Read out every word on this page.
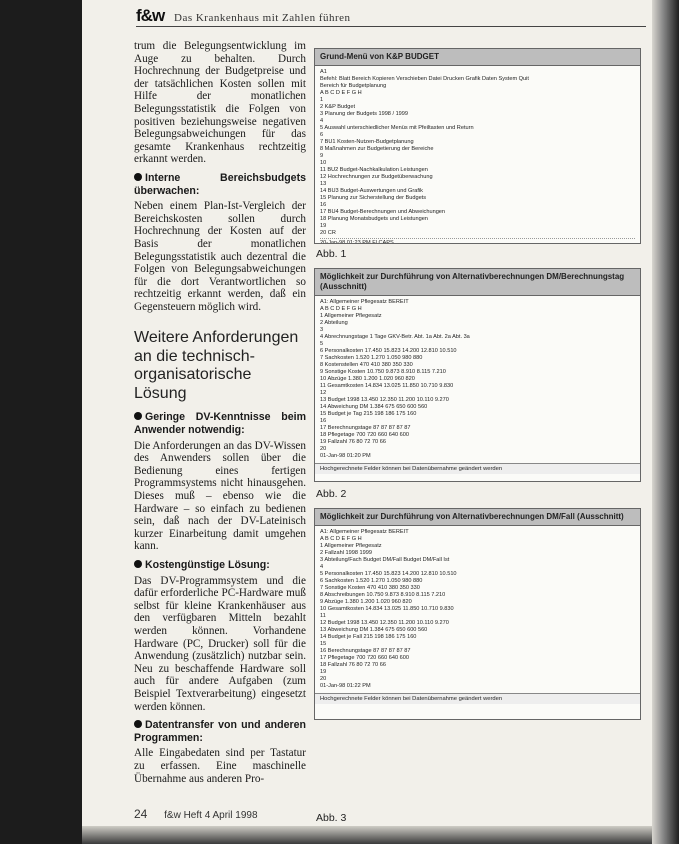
f&w Das Krankenhaus mit Zahlen führen

trum die Belegungsentwicklung im Auge zu behalten. Durch Hochrechnung der Budgetpreise und der tatsächlichen Kosten sollen mit Hilfe der monatlichen Belegungsstatistik die Folgen von positiven beziehungsweise negativen Belegungsabweichungen für das gesamte Krankenhaus rechtzeitig erkannt werden.

Interne Bereichsbudgets überwachen:

Neben einem Plan-Ist-Vergleich der Bereichskosten sollen durch Hochrechnung der Kosten auf der Basis der monatlichen Belegungsstatistik auch dezentral die Folgen von Belegungsabweichungen für die dort Verantwortlichen so rechtzeitig erkannt werden, daß ein Gegensteuern möglich wird.

Weitere Anforderungen an die technisch-organisatorische Lösung

Geringe DV-Kenntnisse beim Anwender notwendig:

Die Anforderungen an das DV-Wissen des Anwenders sollen über die Bedienung eines fertigen Programmsystems nicht hinausgehen. Dieses muß – ebenso wie die Hardware – so einfach zu bedienen sein, daß nach der DV-Lateinisch kurzer Einarbeitung damit umgehen kann.

Kostengünstige Lösung:

Das DV-Programmsystem und die dafür erforderliche PC-Hardware muß selbst für kleine Krankenhäuser aus den verfügbaren Mitteln bezahlt werden können. Vorhandene Hardware (PC, Drucker) soll für die Anwendung (zusätzlich) nutzbar sein. Neu zu beschaffende Hardware soll auch für andere Aufgaben (zum Beispiel Textverarbeitung) eingesetzt werden können.

Datentransfer von und anderen Programmen:

Alle Eingabedaten sind per Tastatur zu erfassen. Eine maschinelle Übernahme aus anderen Pro-

24 f&w Heft 4 April 1998
Grund-Menü von K&P BUDGET
A1
Befehl: Blatt Bereich Kopieren Verschieben Datei Drucken Grafik Daten System Quit
Bereich für Budgetplanung
A B C D E F G H
1
2 K&P Budget
3 Planung der Budgets 1998 / 1999
4
5 Auswahl unterschiedlicher Menüs mit Pfeiltasten und Return
6
7 BU1 Kosten-Nutzen-Budgetplanung
8 Maßnahmen zur Budgetierung der Bereiche
9
10
11 BU2 Budget-Nachkalkulation Leistungen
12 Hochrechnungen zur Budgetüberwachung
13
14 BU3 Budget-Auswertungen und Grafik
15 Planung zur Sicherstellung der Budgets
16
17 BU4 Budget-Berechnungen und Abweichungen
18 Planung Monatsbudgets und Leistungen
19
20 CR
20-Jan-98 01:23 PM Fl CAPS
Abb. 1
Möglichkeit zur Durchführung von Alternativberechnungen DM/Berechnungstag (Ausschnitt)
A1: Allgemeiner Pflegesatz BEREIT
A B C D E F G H
1 Allgemeiner Pflegesatz
2 Abteilung
3
4 Abrechnungstage 1 Tage GKV-Betr. Abt. 1a Abt. 2a Abt. 3a
5
6 Personalkosten 17.450 15.823 14.200 12.810 10.510
7 Sachkosten 1.520 1.270 1.050 980 880
8 Kostenstellen 470 410 380 350 330
9 Sonstige Kosten 10.750 9.873 8.910 8.115 7.210
10 Abzüge 1.380 1.200 1.020 960 820
11 Gesamtkosten 14.834 13.025 11.850 10.710 9.830
12
13 Budget 1998 13.450 12.350 11.200 10.110 9.270
14 Abweichung DM 1.384 675 650 600 560
15 Budget je Tag 215 198 186 175 160
16
17 Berechnungstage 87 87 87 87 87
18 Pflegetage 700 720 660 640 600
19 Fallzahl 76 80 72 70 66
20
01-Jan-98 01:20 PM
Hochgerechnete Felder können bei Datenübernahme geändert werden
Abb. 2
Möglichkeit zur Durchführung von Alternativberechnungen DM/Fall (Ausschnitt)
A1: Allgemeiner Pflegesatz BEREIT
A B C D E F G H
1 Allgemeiner Pflegesatz
2 Fallzahl 1998 1999
3 Abteilung/Fach Budget DM/Fall Budget DM/Fall Ist
4
5 Personalkosten 17.450 15.823 14.200 12.810 10.510
6 Sachkosten 1.520 1.270 1.050 980 880
7 Sonstige Kosten 470 410 380 350 330
8 Abschreibungen 10.750 9.873 8.910 8.115 7.210
9 Abzüge 1.380 1.200 1.020 960 820
10 Gesamtkosten 14.834 13.025 11.850 10.710 9.830
11
12 Budget 1998 13.450 12.350 11.200 10.110 9.270
13 Abweichung DM 1.384 675 650 600 560
14 Budget je Fall 215 198 186 175 160
15
16 Berechnungstage 87 87 87 87 87
17 Pflegetage 700 720 660 640 600
18 Fallzahl 76 80 72 70 66
19
20
01-Jan-98 01:22 PM
Hochgerechnete Felder können bei Datenübernahme geändert werden
Abb. 3
